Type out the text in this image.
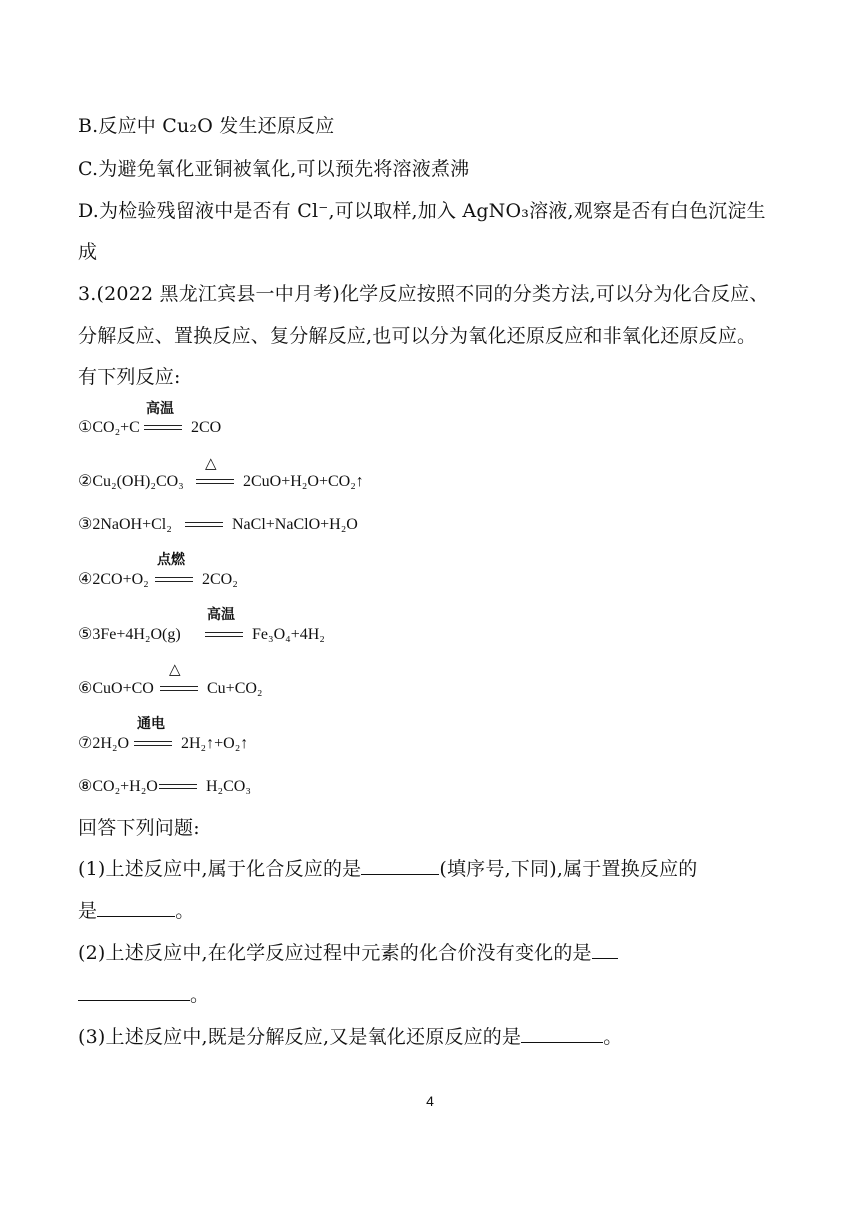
B.反应中 Cu₂O 发生还原反应
C.为避免氧化亚铜被氧化,可以预先将溶液煮沸
D.为检验残留液中是否有 Cl⁻,可以取样,加入 AgNO₃溶液,观察是否有白色沉淀生
成
3.(2022 黑龙江宾县一中月考)化学反应按照不同的分类方法,可以分为化合反应、
分解反应、置换反应、复分解反应,也可以分为氧化还原反应和非氧化还原反应。
有下列反应:
①CO₂+C
高温
2CO
②Cu₂(OH)₂CO₃
△
2CuO+H₂O+CO₂↑
③2NaOH+Cl₂	NaCl+NaClO+H₂O
④2CO+O₂
点燃
2CO₂
⑤3Fe+4H₂O(g)
高温
Fe₃O₄+4H₂
⑥CuO+CO
△
Cu+CO₂
⑦2H₂O
通电
2H₂↑+O₂↑
⑧CO₂+H₂O	H₂CO₃
回答下列问题:
(1)上述反应中,属于化合反应的是	(填序号,下同),属于置换反应的
是	。
(2)上述反应中,在化学反应过程中元素的化合价没有变化的是
。
(3)上述反应中,既是分解反应,又是氧化还原反应的是	。
4
